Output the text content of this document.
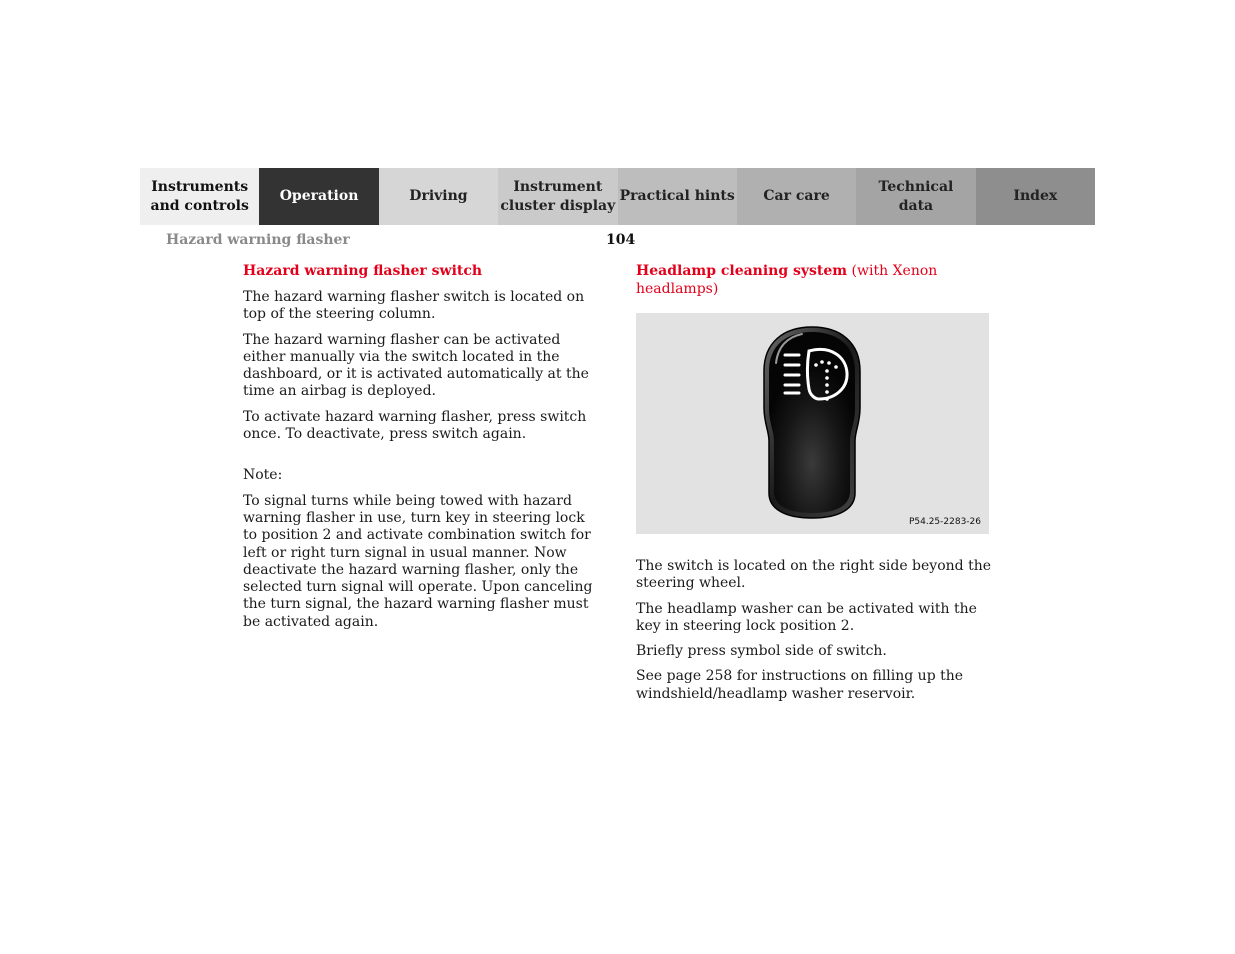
Instruments
and controls
Operation	Driving
Instrument
cluster display
Practical hints	Car care
Technical
data
Index
Hazard warning flasher	104
Hazard warning flasher switch

The hazard warning flasher switch is located on top of the steering column.

The hazard warning flasher can be activated either manually via the switch located in the dashboard, or it is activated automatically at the time an airbag is deployed.

To activate hazard warning flasher, press switch once. To deactivate, press switch again.

Note:

To signal turns while being towed with hazard warning flasher in use, turn key in steering lock to position 2 and activate combination switch for left or right turn signal in usual manner. Now deactivate the hazard warning flasher, only the selected turn signal will operate. Upon canceling the turn signal, the hazard warning flasher must be activated again.

Headlamp cleaning system (with Xenon headlamps)
P54.25-2283-26

The switch is located on the right side beyond the steering wheel.

The headlamp washer can be activated with the key in steering lock position 2.

Briefly press symbol side of switch.

See page 258 for instructions on filling up the windshield/headlamp washer reservoir.
